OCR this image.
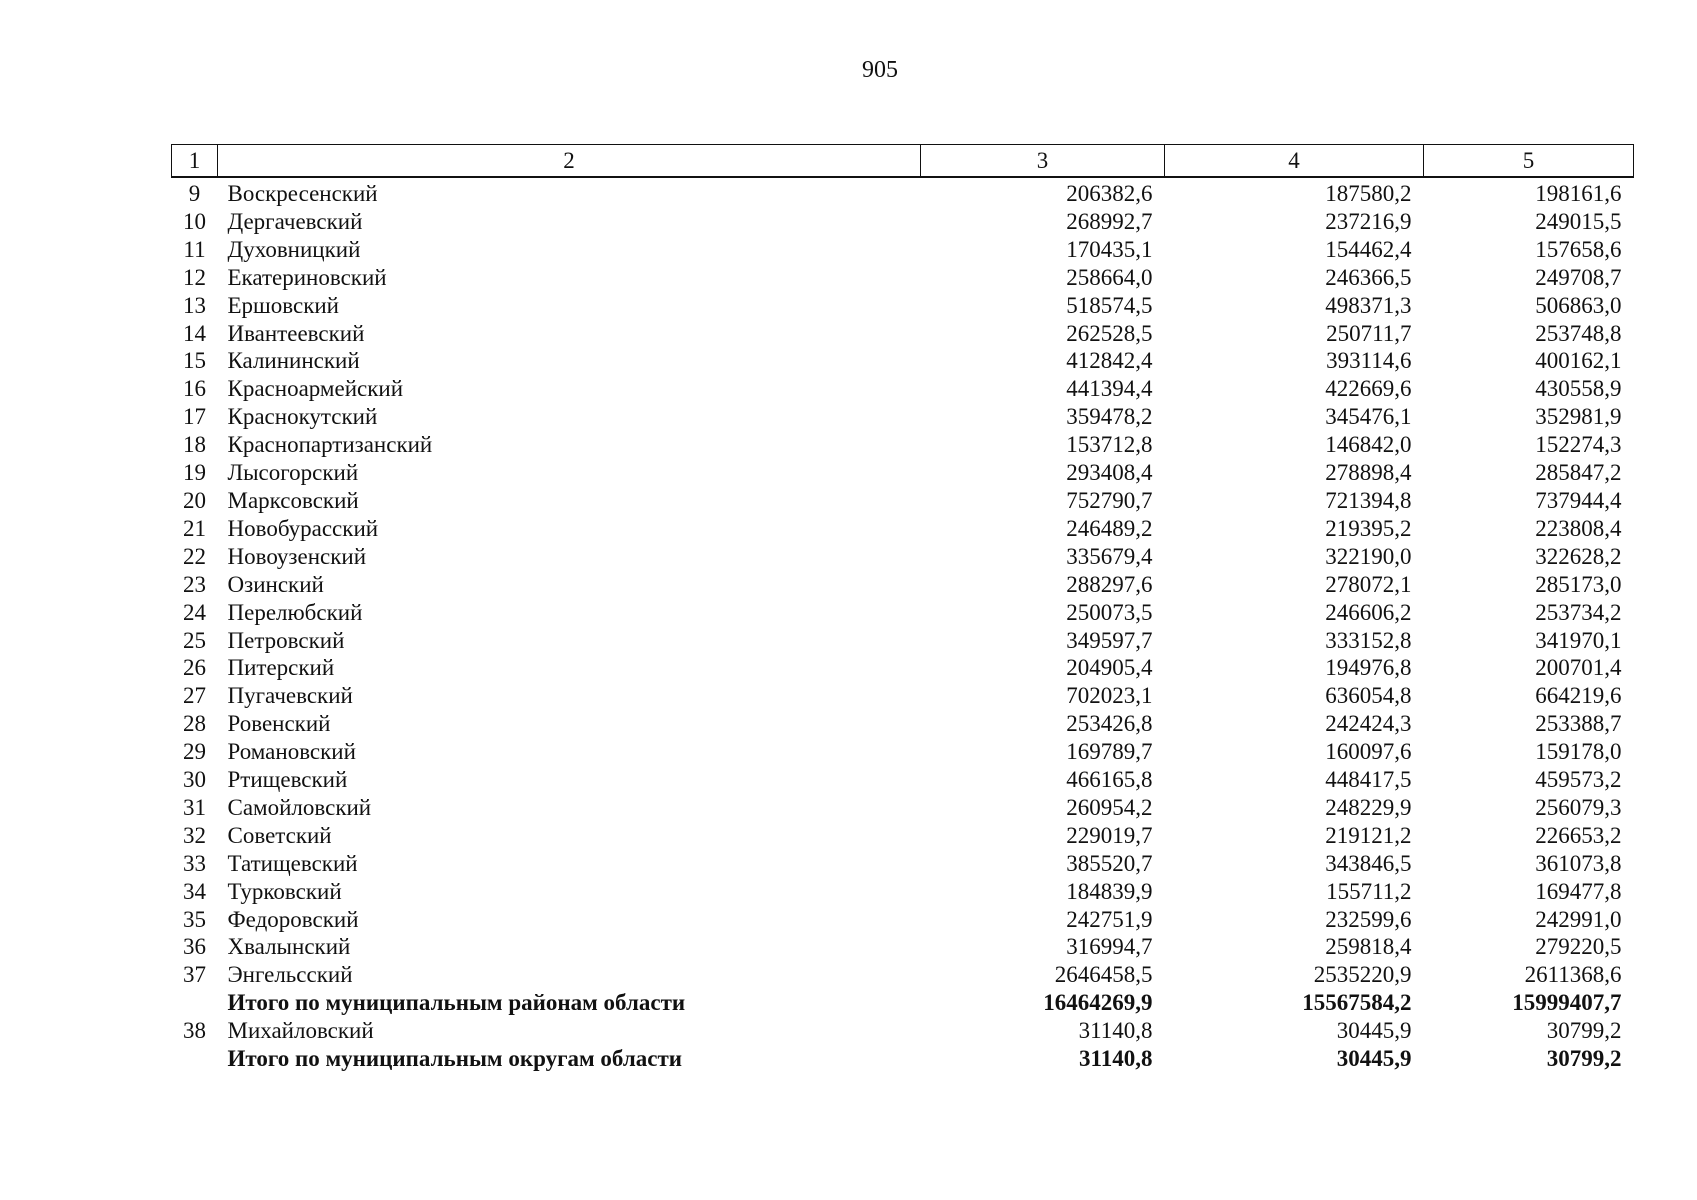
905
1	2	3	4	5
9	Воскресенский	206382,6	187580,2	198161,6
10	Дергачевский	268992,7	237216,9	249015,5
11	Духовницкий	170435,1	154462,4	157658,6
12	Екатериновский	258664,0	246366,5	249708,7
13	Ершовский	518574,5	498371,3	506863,0
14	Ивантеевский	262528,5	250711,7	253748,8
15	Калининский	412842,4	393114,6	400162,1
16	Красноармейский	441394,4	422669,6	430558,9
17	Краснокутский	359478,2	345476,1	352981,9
18	Краснопартизанский	153712,8	146842,0	152274,3
19	Лысогорский	293408,4	278898,4	285847,2
20	Марксовский	752790,7	721394,8	737944,4
21	Новобурасский	246489,2	219395,2	223808,4
22	Новоузенский	335679,4	322190,0	322628,2
23	Озинский	288297,6	278072,1	285173,0
24	Перелюбский	250073,5	246606,2	253734,2
25	Петровский	349597,7	333152,8	341970,1
26	Питерский	204905,4	194976,8	200701,4
27	Пугачевский	702023,1	636054,8	664219,6
28	Ровенский	253426,8	242424,3	253388,7
29	Романовский	169789,7	160097,6	159178,0
30	Ртищевский	466165,8	448417,5	459573,2
31	Самойловский	260954,2	248229,9	256079,3
32	Советский	229019,7	219121,2	226653,2
33	Татищевский	385520,7	343846,5	361073,8
34	Турковский	184839,9	155711,2	169477,8
35	Федоровский	242751,9	232599,6	242991,0
36	Хвалынский	316994,7	259818,4	279220,5
37	Энгельсский	2646458,5	2535220,9	2611368,6
	Итого по муниципальным районам области	16464269,9	15567584,2	15999407,7
38	Михайловский	31140,8	30445,9	30799,2
	Итого по муниципальным округам области	31140,8	30445,9	30799,2
